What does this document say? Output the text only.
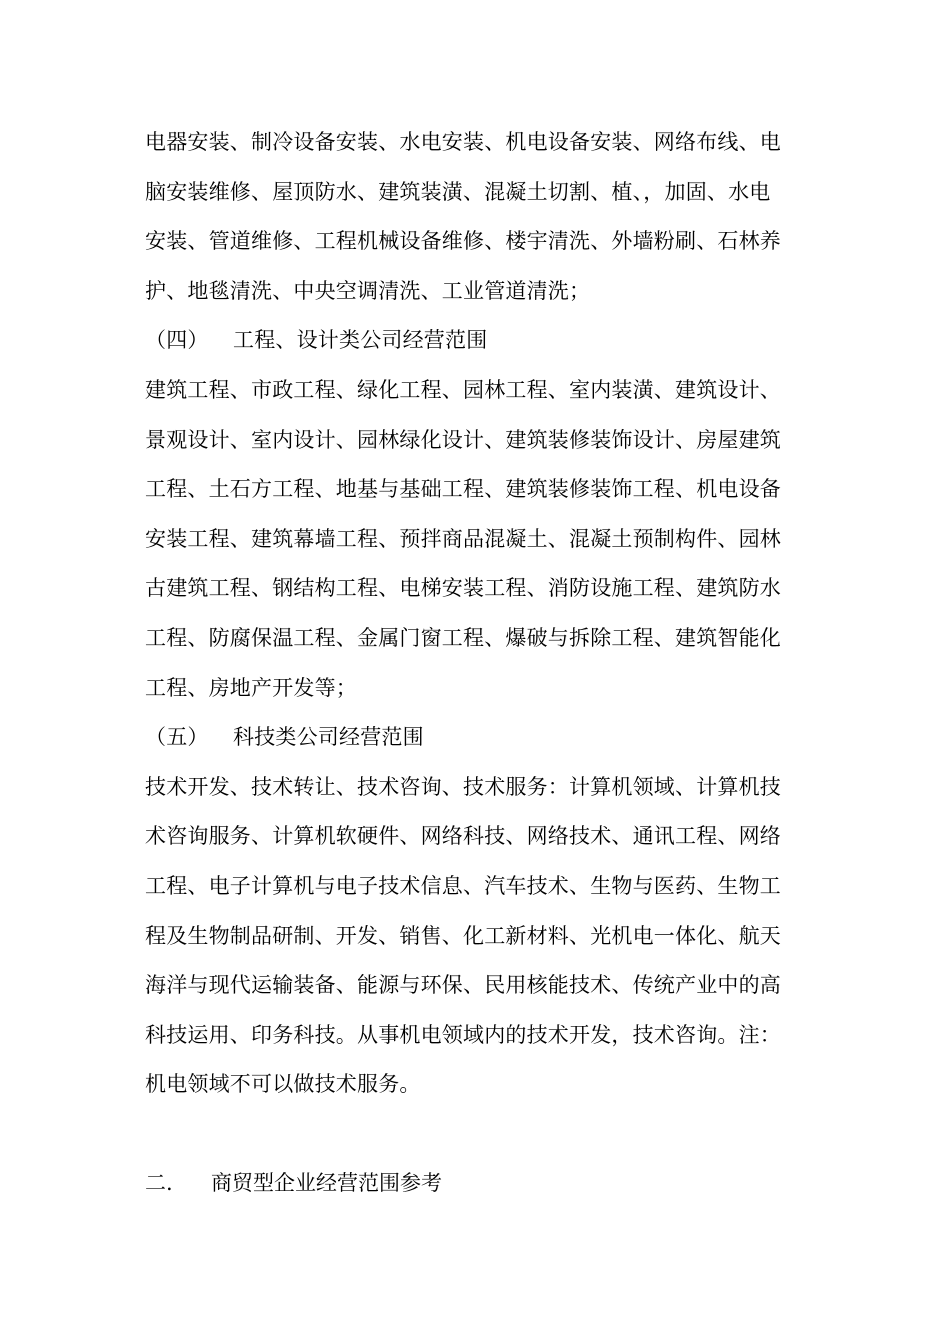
电器安装、制冷设备安装、水电安装、机电设备安装、网络布线、电
脑安装维修、屋顶防水、建筑装潢、混凝土切割、植、，加固、水电
安装、管道维修、工程机械设备维修、楼宇清洗、外墙粉刷、石林养
护、地毯清洗、中央空调清洗、工业管道清洗；
（四） 工程、设计类公司经营范围
建筑工程、市政工程、绿化工程、园林工程、室内装潢、建筑设计、
景观设计、室内设计、园林绿化设计、建筑装修装饰设计、房屋建筑
工程、土石方工程、地基与基础工程、建筑装修装饰工程、机电设备
安装工程、建筑幕墙工程、预拌商品混凝土、混凝土预制构件、园林
古建筑工程、钢结构工程、电梯安装工程、消防设施工程、建筑防水
工程、防腐保温工程、金属门窗工程、爆破与拆除工程、建筑智能化
工程、房地产开发等；
（五） 科技类公司经营范围
技术开发、技术转让、技术咨询、技术服务：计算机领域、计算机技
术咨询服务、计算机软硬件、网络科技、网络技术、通讯工程、网络
工程、电子计算机与电子技术信息、汽车技术、生物与医药、生物工
程及生物制品研制、开发、销售、化工新材料、光机电一体化、航天
海洋与现代运输装备、能源与环保、民用核能技术、传统产业中的高
科技运用、印务科技。从事机电领域内的技术开发，技术咨询。注：
机电领域不可以做技术服务。
二. 商贸型企业经营范围参考
